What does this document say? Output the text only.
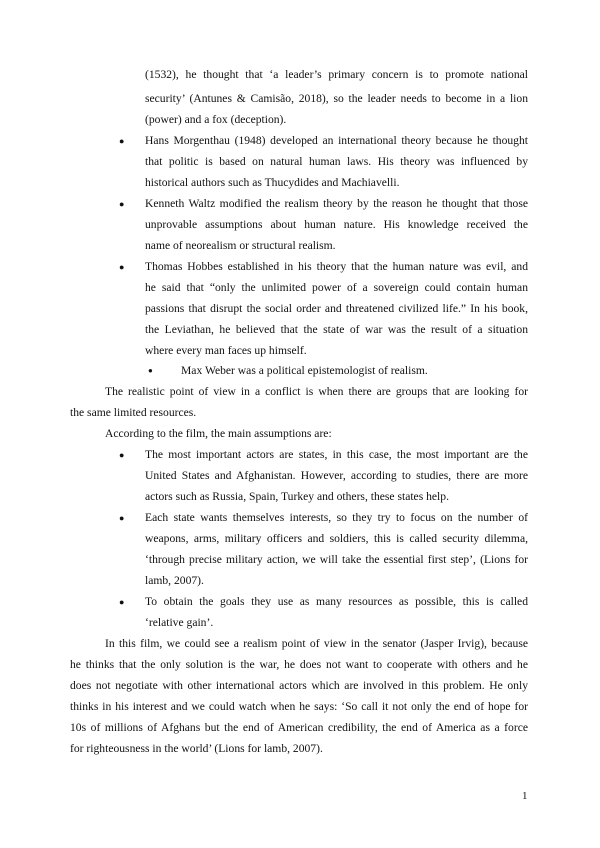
(1532), he thought that ‘a leader’s primary concern is to promote national
security’ (Antunes & Camisão, 2018), so the leader needs to become in a lion
(power) and a fox (deception).
● Hans Morgenthau (1948) developed an international theory because he thought
that politic is based on natural human laws. His theory was influenced by
historical authors such as Thucydides and Machiavelli.
● Kenneth Waltz modified the realism theory by the reason he thought that those
unprovable assumptions about human nature. His knowledge received the
name of neorealism or structural realism.
● Thomas Hobbes established in his theory that the human nature was evil, and
he said that “only the unlimited power of a sovereign could contain human
passions that disrupt the social order and threatened civilized life.” In his book,
the Leviathan, he believed that the state of war was the result of a situation
where every man faces up himself.
● Max Weber was a political epistemologist of realism.
The realistic point of view in a conflict is when there are groups that are looking for
the same limited resources.
According to the film, the main assumptions are:
● The most important actors are states, in this case, the most important are the
United States and Afghanistan. However, according to studies, there are more
actors such as Russia, Spain, Turkey and others, these states help.
● Each state wants themselves interests, so they try to focus on the number of
weapons, arms, military officers and soldiers, this is called security dilemma,
‘through precise military action, we will take the essential first step’, (Lions for
lamb, 2007).
● To obtain the goals they use as many resources as possible, this is called
‘relative gain’.
In this film, we could see a realism point of view in the senator (Jasper Irvig), because
he thinks that the only solution is the war, he does not want to cooperate with others and he
does not negotiate with other international actors which are involved in this problem. He only
thinks in his interest and we could watch when he says: ‘So call it not only the end of hope for
10s of millions of Afghans but the end of American credibility, the end of America as a force
for righteousness in the world’ (Lions for lamb, 2007).
1
